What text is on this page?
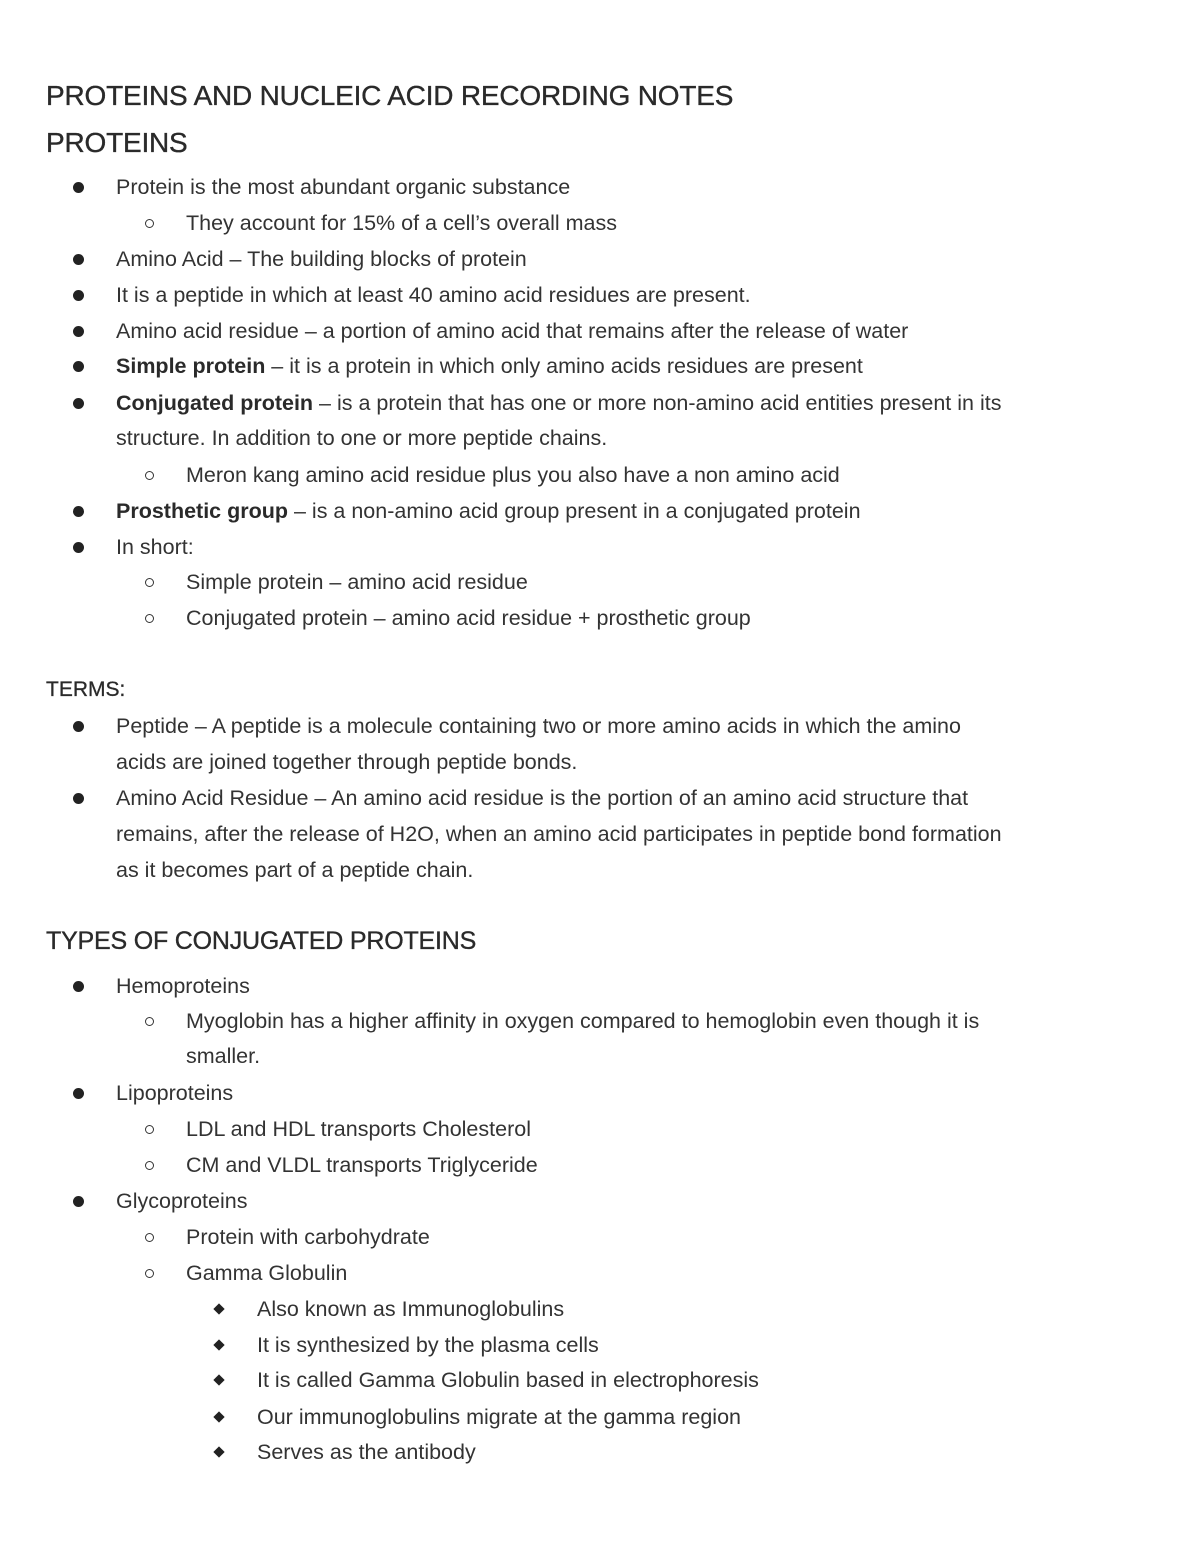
PROTEINS AND NUCLEIC ACID RECORDING NOTES
PROTEINS
Protein is the most abundant organic substance
They account for 15% of a cell’s overall mass
Amino Acid – The building blocks of protein
It is a peptide in which at least 40 amino acid residues are present.
Amino acid residue – a portion of amino acid that remains after the release of water
Simple protein – it is a protein in which only amino acids residues are present
Conjugated protein – is a protein that has one or more non-amino acid entities present in its
structure. In addition to one or more peptide chains.
Meron kang amino acid residue plus you also have a non amino acid
Prosthetic group – is a non-amino acid group present in a conjugated protein
In short:
Simple protein – amino acid residue
Conjugated protein – amino acid residue + prosthetic group
TERMS:
Peptide – A peptide is a molecule containing two or more amino acids in which the amino
acids are joined together through peptide bonds.
Amino Acid Residue – An amino acid residue is the portion of an amino acid structure that
remains, after the release of H2O, when an amino acid participates in peptide bond formation
as it becomes part of a peptide chain.
TYPES OF CONJUGATED PROTEINS
Hemoproteins
Myoglobin has a higher affinity in oxygen compared to hemoglobin even though it is
smaller.
Lipoproteins
LDL and HDL transports Cholesterol
CM and VLDL transports Triglyceride
Glycoproteins
Protein with carbohydrate
Gamma Globulin
Also known as Immunoglobulins
It is synthesized by the plasma cells
It is called Gamma Globulin based in electrophoresis
Our immunoglobulins migrate at the gamma region
Serves as the antibody
